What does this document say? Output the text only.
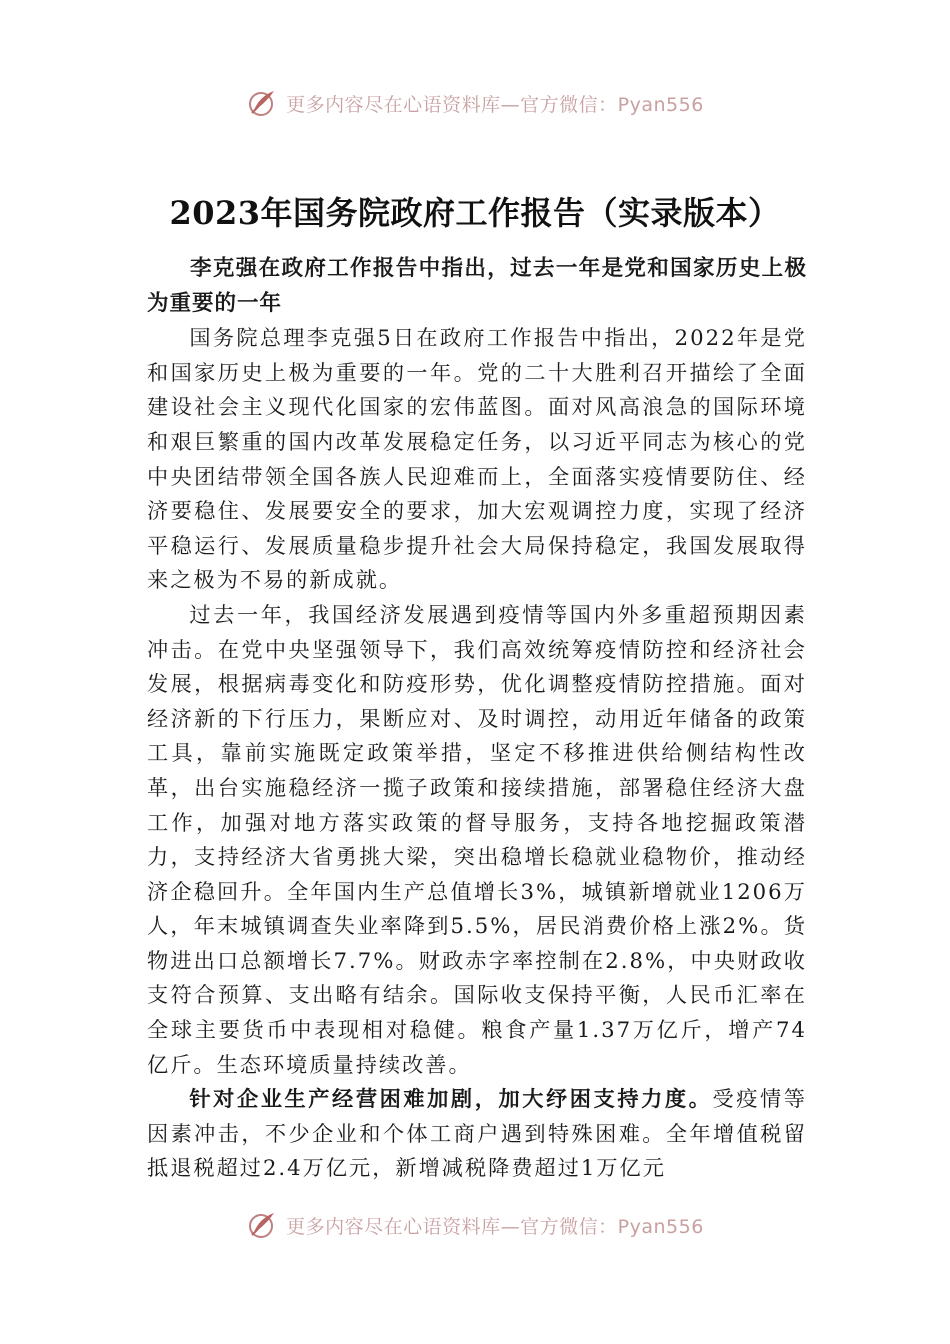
更多内容尽在心语资料库—官方微信：Pyan556
2023年国务院政府工作报告（实录版本）

李克强在政府工作报告中指出，过去一年是党和国家历史上极为重要的一年

国务院总理李克强5日在政府工作报告中指出，2022年是党和国家历史上极为重要的一年。党的二十大胜利召开描绘了全面建设社会主义现代化国家的宏伟蓝图。面对风高浪急的国际环境和艰巨繁重的国内改革发展稳定任务，以习近平同志为核心的党中央团结带领全国各族人民迎难而上，全面落实疫情要防住、经济要稳住、发展要安全的要求，加大宏观调控力度，实现了经济平稳运行、发展质量稳步提升社会大局保持稳定，我国发展取得来之极为不易的新成就。

过去一年，我国经济发展遇到疫情等国内外多重超预期因素冲击。在党中央坚强领导下，我们高效统筹疫情防控和经济社会发展，根据病毒变化和防疫形势，优化调整疫情防控措施。面对经济新的下行压力，果断应对、及时调控，动用近年储备的政策工具，靠前实施既定政策举措，坚定不移推进供给侧结构性改革，出台实施稳经济一揽子政策和接续措施，部署稳住经济大盘工作，加强对地方落实政策的督导服务，支持各地挖掘政策潜力，支持经济大省勇挑大梁，突出稳增长稳就业稳物价，推动经济企稳回升。全年国内生产总值增长3%，城镇新增就业1206万人，年末城镇调查失业率降到5.5%，居民消费价格上涨2%。货物进出口总额增长7.7%。财政赤字率控制在2.8%，中央财政收支符合预算、支出略有结余。国际收支保持平衡，人民币汇率在全球主要货币中表现相对稳健。粮食产量1.37万亿斤，增产74亿斤。生态环境质量持续改善。

针对企业生产经营困难加剧，加大纾困支持力度。受疫情等因素冲击，不少企业和个体工商户遇到特殊困难。全年增值税留抵退税超过2.4万亿元，新增减税降费超过1万亿元

更多内容尽在心语资料库—官方微信：Pyan556
